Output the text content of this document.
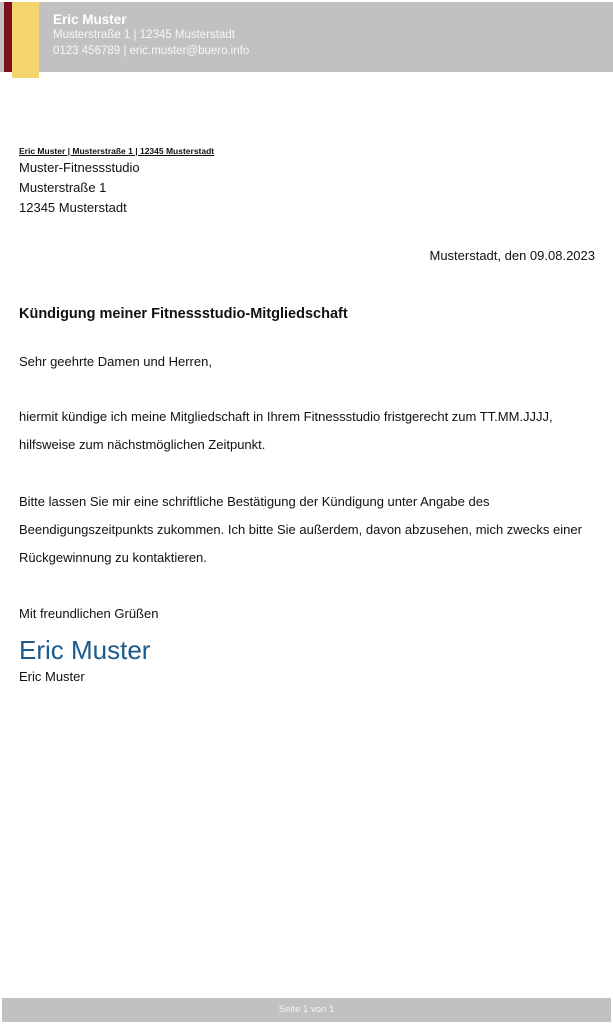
Eric Muster
Musterstraße 1 | 12345 Musterstadt
0123 456789 | eric.muster@buero.info
Eric Muster | Musterstraße 1 | 12345 Musterstadt
Muster-Fitnessstudio
Musterstraße 1
12345 Musterstadt
Musterstadt, den 09.08.2023
Kündigung meiner Fitnessstudio-Mitgliedschaft
Sehr geehrte Damen und Herren,
hiermit kündige ich meine Mitgliedschaft in Ihrem Fitnessstudio fristgerecht zum TT.MM.JJJJ, hilfsweise zum nächstmöglichen Zeitpunkt.
Bitte lassen Sie mir eine schriftliche Bestätigung der Kündigung unter Angabe des Beendigungszeitpunkts zukommen. Ich bitte Sie außerdem, davon abzusehen, mich zwecks einer Rückgewinnung zu kontaktieren.
Mit freundlichen Grüßen
Eric Muster
Eric Muster
Seite 1 von 1
